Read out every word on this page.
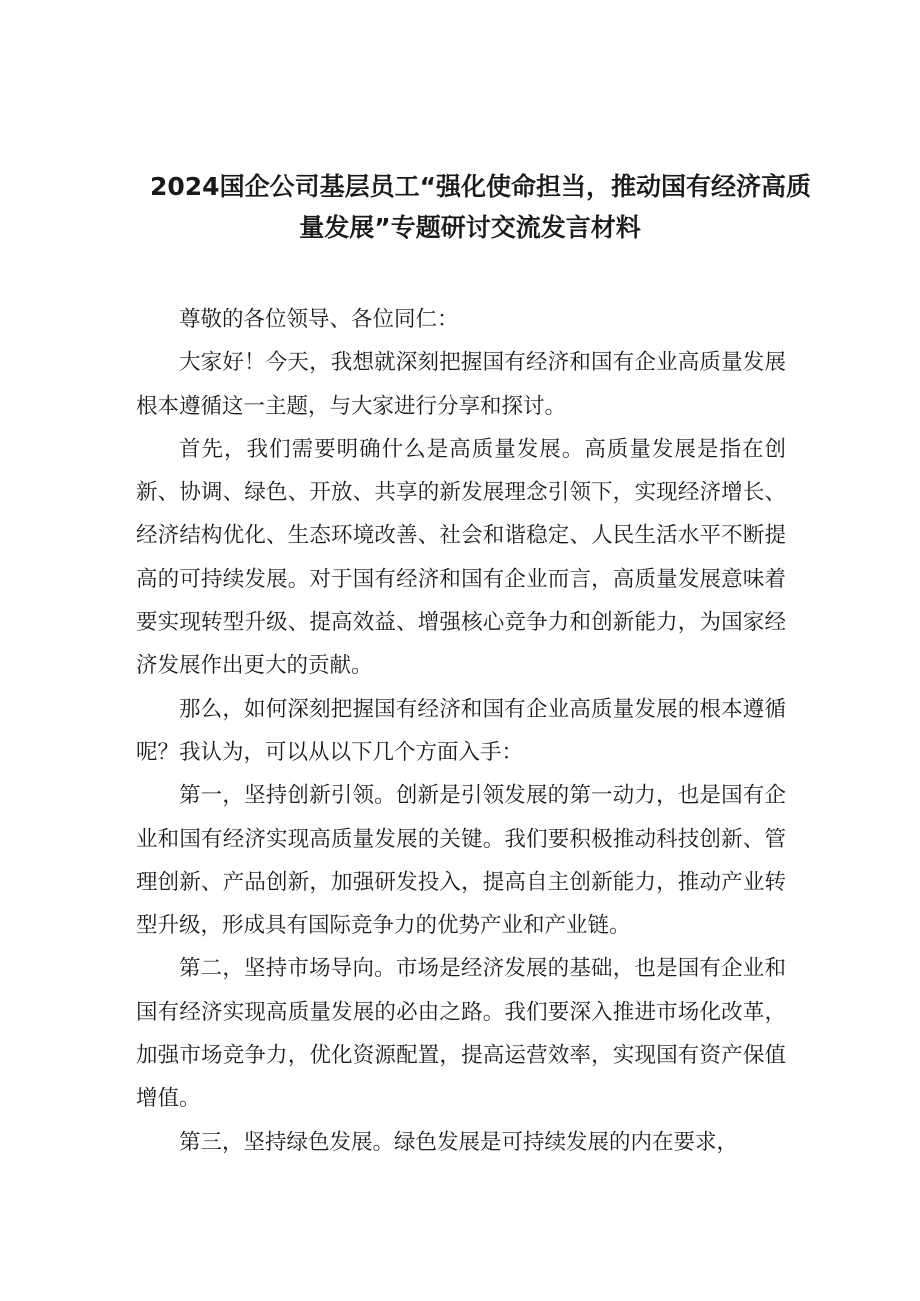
2024国企公司基层员工“强化使命担当，推动国有经济高质
量发展”专题研讨交流发言材料

尊敬的各位领导、各位同仁：

大家好！今天，我想就深刻把握国有经济和国有企业高质量发展根本遵循这一主题，与大家进行分享和探讨。

首先，我们需要明确什么是高质量发展。高质量发展是指在创新、协调、绿色、开放、共享的新发展理念引领下，实现经济增长、经济结构优化、生态环境改善、社会和谐稳定、人民生活水平不断提高的可持续发展。对于国有经济和国有企业而言，高质量发展意味着要实现转型升级、提高效益、增强核心竞争力和创新能力，为国家经济发展作出更大的贡献。

那么，如何深刻把握国有经济和国有企业高质量发展的根本遵循呢？我认为，可以从以下几个方面入手：

第一，坚持创新引领。创新是引领发展的第一动力，也是国有企业和国有经济实现高质量发展的关键。我们要积极推动科技创新、管理创新、产品创新，加强研发投入，提高自主创新能力，推动产业转型升级，形成具有国际竞争力的优势产业和产业链。

第二，坚持市场导向。市场是经济发展的基础，也是国有企业和国有经济实现高质量发展的必由之路。我们要深入推进市场化改革，加强市场竞争力，优化资源配置，提高运营效率，实现国有资产保值增值。

第三，坚持绿色发展。绿色发展是可持续发展的内在要求，
